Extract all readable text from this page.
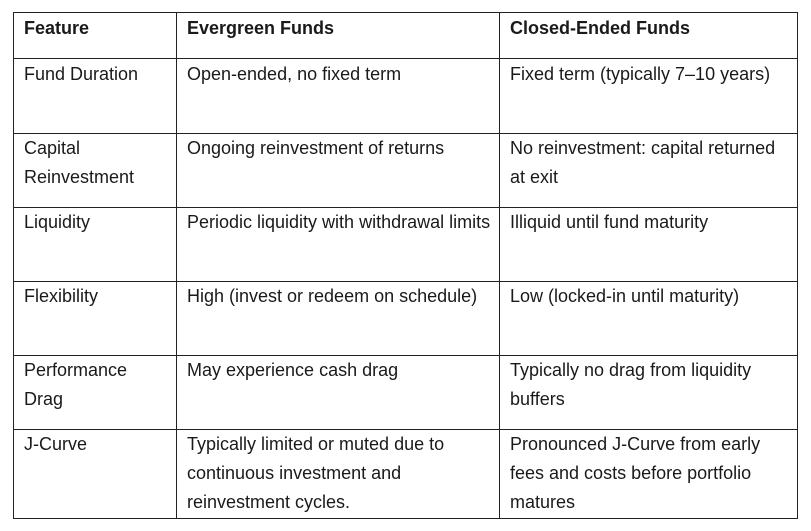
Feature	Evergreen Funds	Closed-Ended Funds
Fund Duration	Open-ended, no fixed term	Fixed term (typically 7–10 years)
Capital Reinvestment	Ongoing reinvestment of returns	No reinvestment: capital returned at exit
Liquidity	Periodic liquidity with withdrawal limits	Illiquid until fund maturity
Flexibility	High (invest or redeem on schedule)	Low (locked-in until maturity)
Performance Drag	May experience cash drag	Typically no drag from liquidity buffers
J-Curve	Typically limited or muted due to continuous investment and reinvestment cycles.	Pronounced J-Curve from early fees and costs before portfolio matures
